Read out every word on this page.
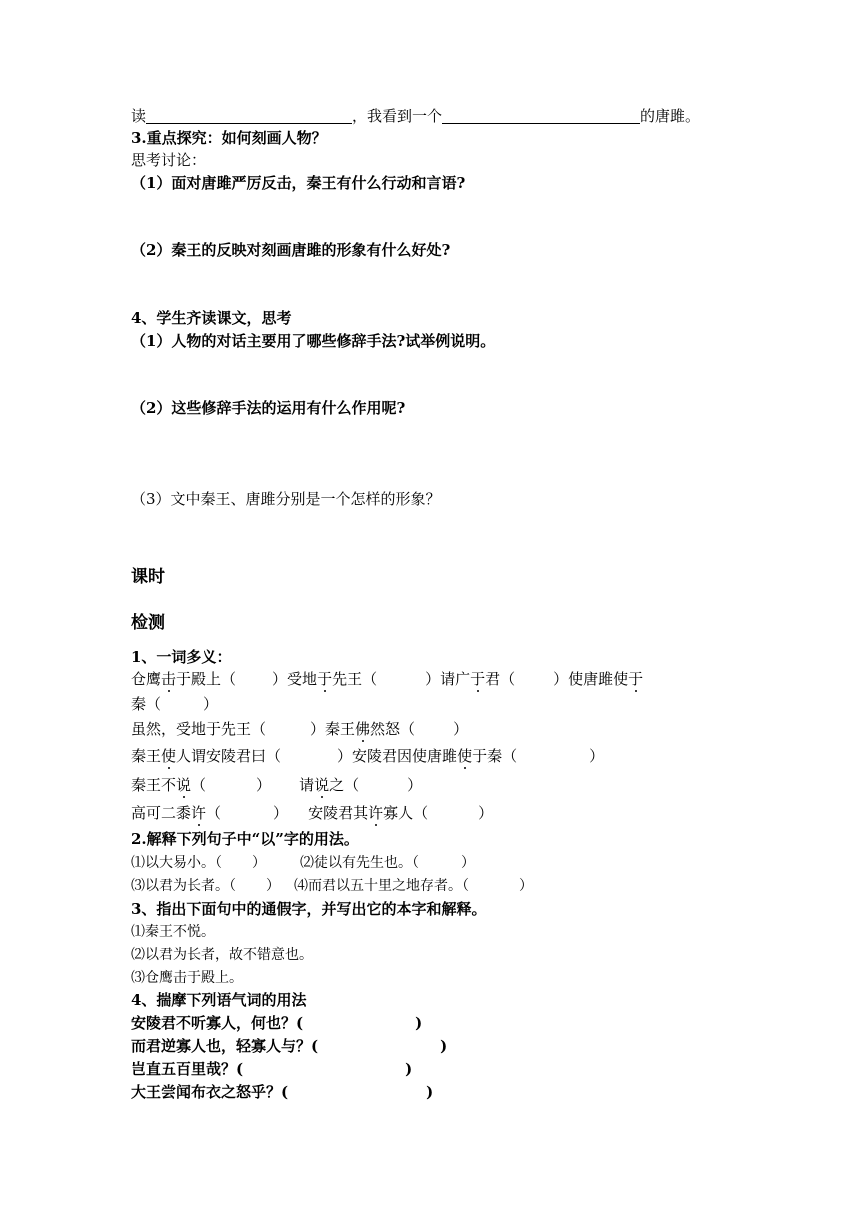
读	，我看到一个	的唐雎。
3.重点探究：如何刻画人物？
思考讨论：
（1）面对唐雎严厉反击，秦王有什么行动和言语?
（2）秦王的反映对刻画唐雎的形象有什么好处?
4、学生齐读课文，思考
（1）人物的对话主要用了哪些修辞手法?试举例说明。
（2）这些修辞手法的运用有什么作用呢?
（3）文中秦王、唐雎分别是一个怎样的形象？
课时
检测
1、一词多义：
仓鹰击于殿上（ ）受地于先王（	）请广于君（	）使唐雎使于
秦（	）
虽然，受地于先王（	）秦王佛然怒（	）
秦王使人谓安陵君曰（	）安陵君因使唐雎使于秦（	）
秦王不说（	） 请说之（	）
高可二黍许（	） 安陵君其许寡人（	）
2.解释下列句子中“以”字的用法。
⑴以大易小。（ ） ⑵徒以有先生也。（	）
⑶以君为长者。（ ） ⑷而君以五十里之地存者。（	）
3、指出下面句中的通假字，并写出它的本字和解释。
⑴秦王不悦。
⑵以君为长者，故不错意也。
⑶仓鹰击于殿上。
4、揣摩下列语气词的用法
安陵君不听寡人，何也？(	)
而君逆寡人也，轻寡人与？(	)
岂直五百里哉？(	)
大王尝闻布衣之怒乎？(	)
